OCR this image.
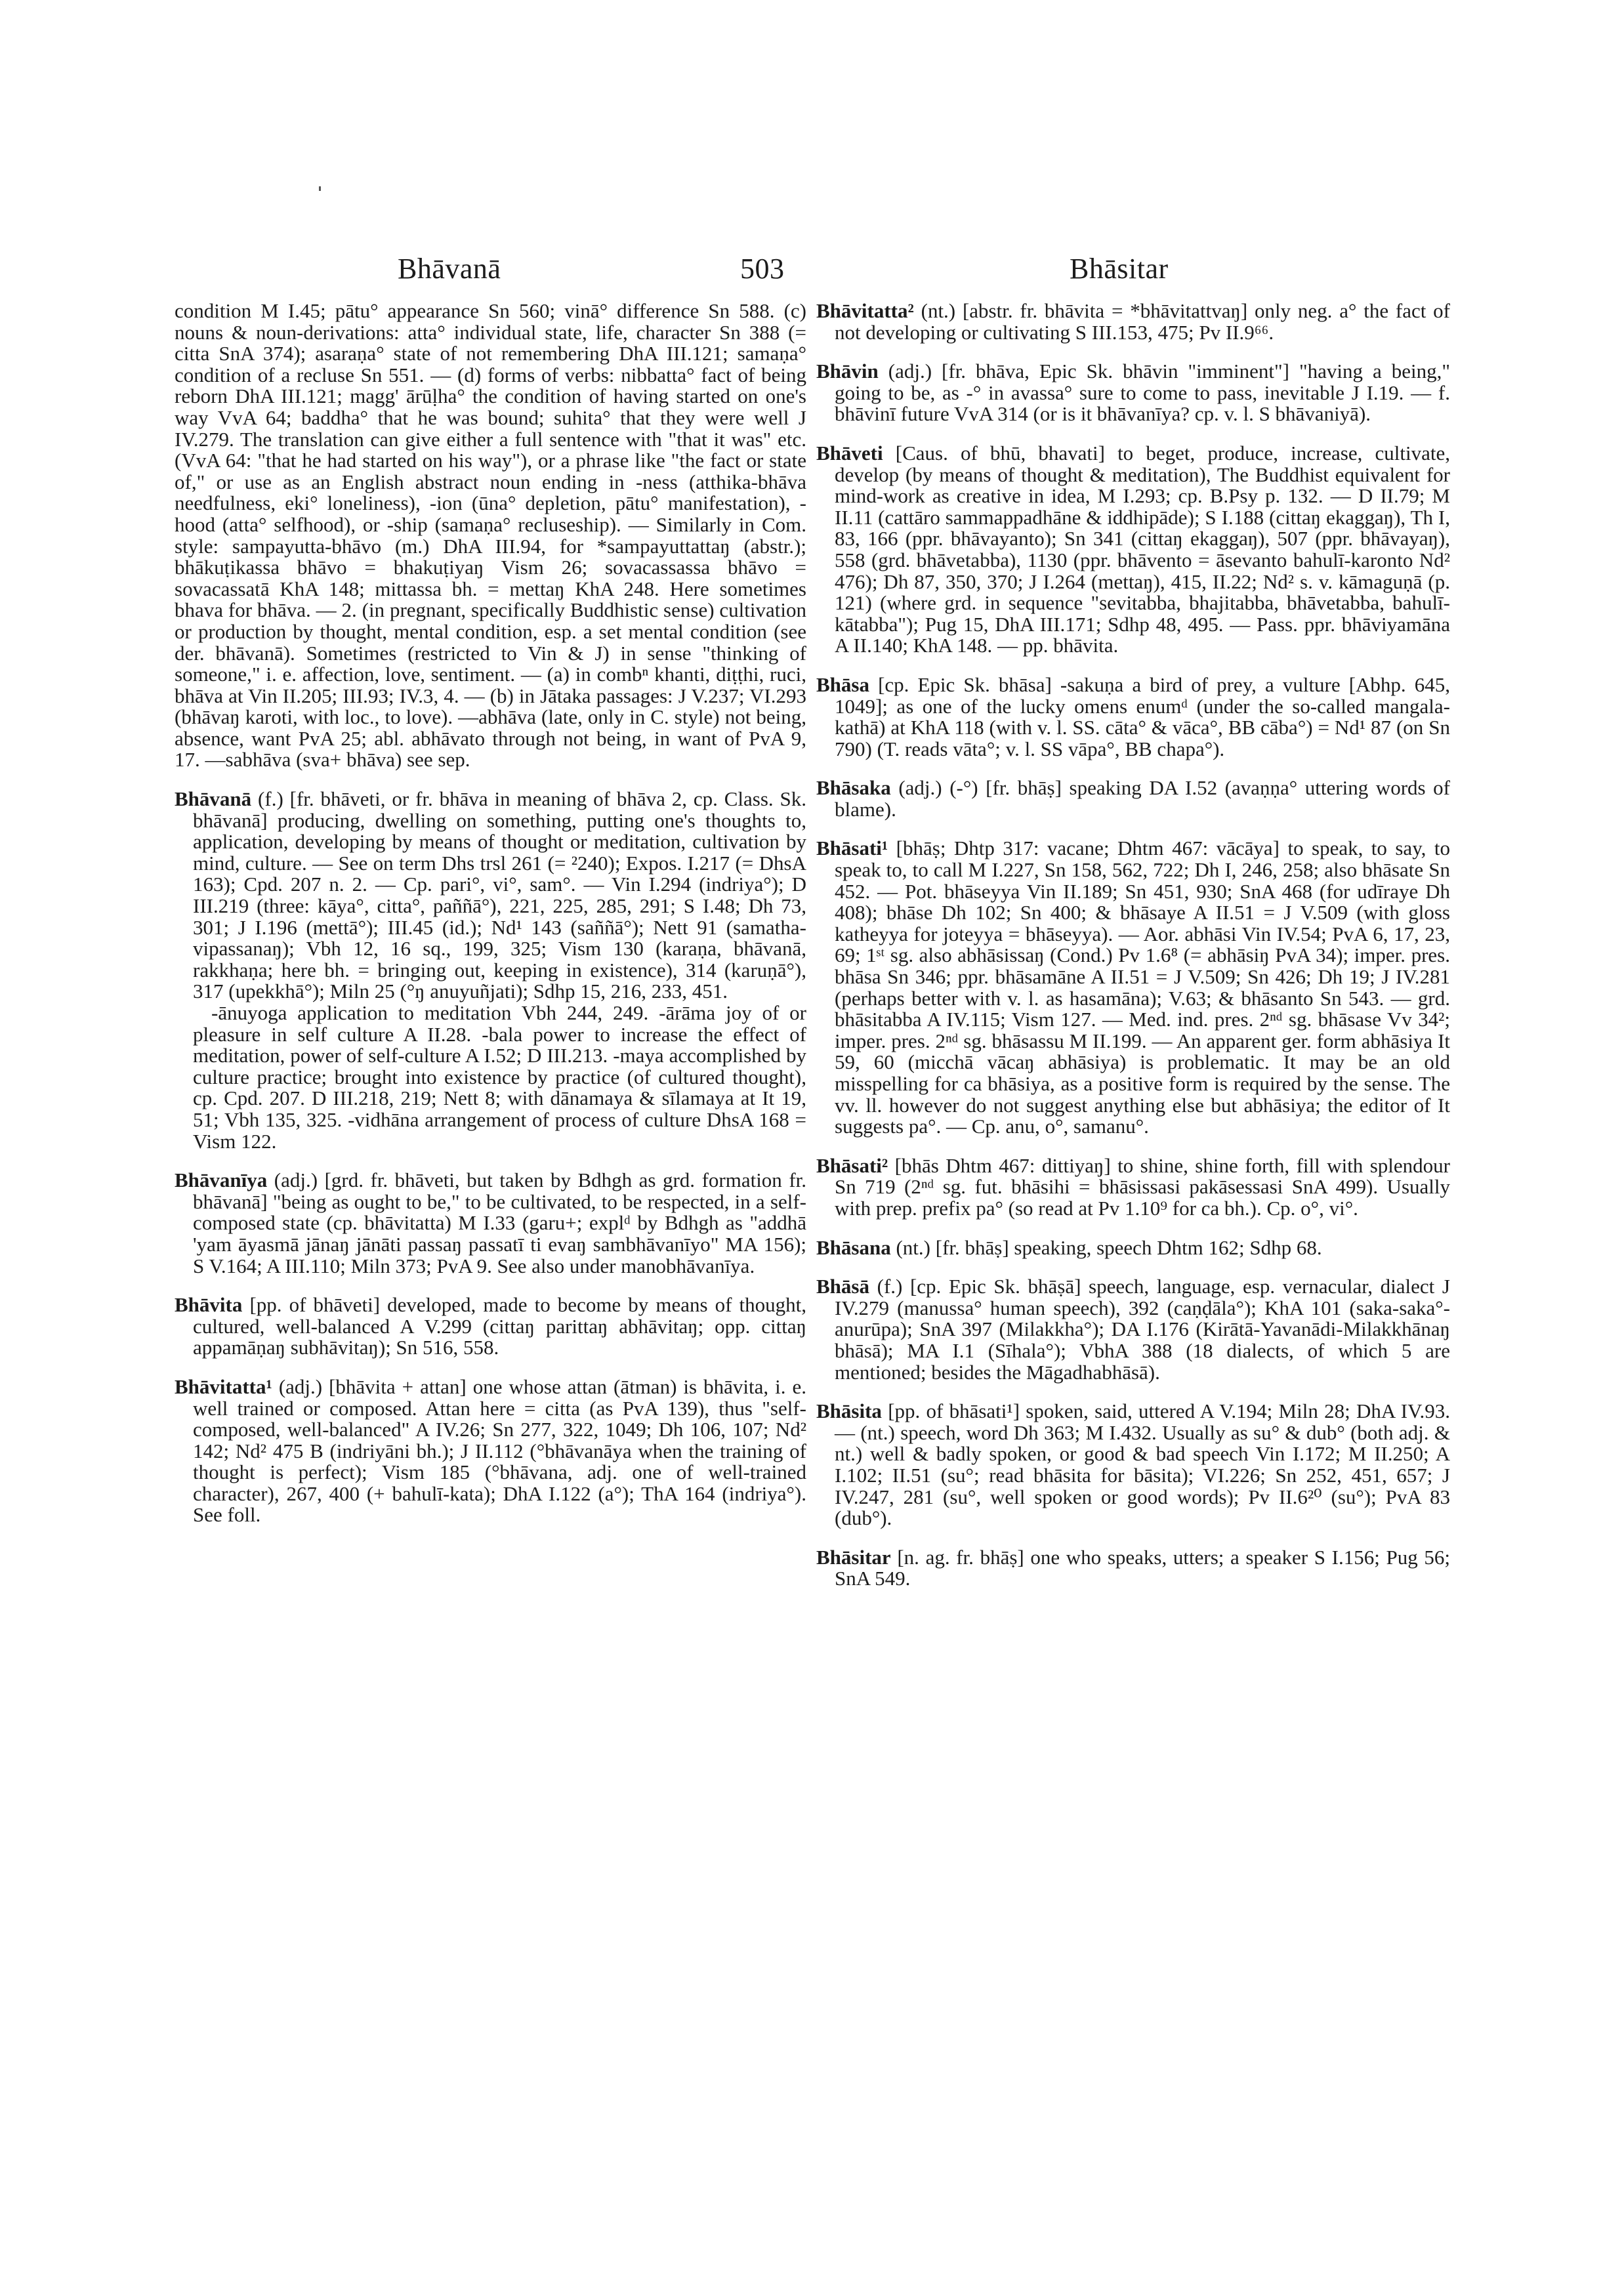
Bhāvanā	503	Bhāsitar
condition M I.45; pātu° appearance Sn 560; vinā° difference Sn 588. (c) nouns & noun-derivations: atta° individual state, life, character Sn 388 (= citta SnA 374); asaraṇa° state of not remembering DhA III.121; samaṇa° condition of a recluse Sn 551. — (d) forms of verbs: nibbatta° fact of being reborn DhA III.121; magg' ārūḷha° the condition of having started on one's way VvA 64; baddha° that he was bound; suhita° that they were well J IV.279. The translation can give either a full sentence with "that it was" etc. (VvA 64: "that he had started on his way"), or a phrase like "the fact or state of," or use as an English abstract noun ending in -ness (atthika-bhāva needfulness, eki° loneliness), -ion (ūna° depletion, pātu° manifestation), -hood (atta° selfhood), or -ship (samaṇa° recluseship). — Similarly in Com. style: sampayutta-bhāvo (m.) DhA III.94, for *sampayuttattaŋ (abstr.); bhākuṭikassa bhāvo = bhakuṭiyaŋ Vism 26; sovacassassa bhāvo = sovacassatā KhA 148; mittassa bh. = mettaŋ KhA 248. Here sometimes bhava for bhāva. — 2. (in pregnant, specifically Buddhistic sense) cultivation or production by thought, mental condition, esp. a set mental condition (see der. bhāvanā). Sometimes (restricted to Vin & J) in sense "thinking of someone," i. e. affection, love, sentiment. — (a) in combⁿ khanti, diṭṭhi, ruci, bhāva at Vin II.205; III.93; IV.3, 4. — (b) in Jātaka passages: J V.237; VI.293 (bhāvaŋ karoti, with loc., to love). —abhāva (late, only in C. style) not being, absence, want PvA 25; abl. abhāvato through not being, in want of PvA 9, 17. —sabhāva (sva+ bhāva) see sep.
Bhāvanā (f.) [fr. bhāveti, or fr. bhāva in meaning of bhāva 2, cp. Class. Sk. bhāvanā] producing, dwelling on something, putting one's thoughts to, application, developing by means of thought or meditation, cultivation by mind, culture. — See on term Dhs trsl 261 (= ²240); Expos. I.217 (= DhsA 163); Cpd. 207 n. 2. — Cp. pari°, vi°, sam°. — Vin I.294 (indriya°); D III.219 (three: kāya°, citta°, paññā°), 221, 225, 285, 291; S I.48; Dh 73, 301; J I.196 (mettā°); III.45 (id.); Nd¹ 143 (saññā°); Nett 91 (samatha-vipassanaŋ); Vbh 12, 16 sq., 199, 325; Vism 130 (karaṇa, bhāvanā, rakkhaṇa; here bh. = bringing out, keeping in existence), 314 (karuṇā°), 317 (upekkhā°); Miln 25 (°ŋ anuyuñjati); Sdhp 15, 216, 233, 451.

-ānuyoga application to meditation Vbh 244, 249. -ārāma joy of or pleasure in self culture A II.28. -bala power to increase the effect of meditation, power of self-culture A I.52; D III.213. -maya accomplished by culture practice; brought into existence by practice (of cultured thought), cp. Cpd. 207. D III.218, 219; Nett 8; with dānamaya & sīlamaya at It 19, 51; Vbh 135, 325. -vidhāna arrangement of process of culture DhsA 168 = Vism 122.

Bhāvanīya (adj.) [grd. fr. bhāveti, but taken by Bdhgh as grd. formation fr. bhāvanā] "being as ought to be," to be cultivated, to be respected, in a self-composed state (cp. bhāvitatta) M I.33 (garu+; explᵈ by Bdhgh as "addhā 'yam āyasmā jānaŋ jānāti passaŋ passatī ti evaŋ sambhāvanīyo" MA 156); S V.164; A III.110; Miln 373; PvA 9. See also under manobhāvanīya.
Bhāvita [pp. of bhāveti] developed, made to become by means of thought, cultured, well-balanced A V.299 (cittaŋ parittaŋ abhāvitaŋ; opp. cittaŋ appamāṇaŋ subhāvitaŋ); Sn 516, 558.
Bhāvitatta¹ (adj.) [bhāvita + attan] one whose attan (ātman) is bhāvita, i. e. well trained or composed. Attan here = citta (as PvA 139), thus "self-composed, well-balanced" A IV.26; Sn 277, 322, 1049; Dh 106, 107; Nd² 142; Nd² 475 B (indriyāni bh.); J II.112 (°bhāvanāya when the training of thought is perfect); Vism 185 (°bhāvana, adj. one of well-trained character), 267, 400 (+ bahulī-kata); DhA I.122 (a°); ThA 164 (indriya°). See foll.
Bhāvitatta² (nt.) [abstr. fr. bhāvita = *bhāvitattvaŋ] only neg. a° the fact of not developing or cultivating S III.153, 475; Pv II.9⁶⁶.
Bhāvin (adj.) [fr. bhāva, Epic Sk. bhāvin "imminent"] "having a being," going to be, as -° in avassa° sure to come to pass, inevitable J I.19. — f. bhāvinī future VvA 314 (or is it bhāvanīya? cp. v. l. S bhāvaniyā).
Bhāveti [Caus. of bhū, bhavati] to beget, produce, increase, cultivate, develop (by means of thought & meditation), The Buddhist equivalent for mind-work as creative in idea, M I.293; cp. B.Psy p. 132. — D II.79; M II.11 (cattāro sammappadhāne & iddhipāde); S I.188 (cittaŋ ekaggaŋ), Th I, 83, 166 (ppr. bhāvayanto); Sn 341 (cittaŋ ekaggaŋ), 507 (ppr. bhāvayaŋ), 558 (grd. bhāvetabba), 1130 (ppr. bhāvento = āsevanto bahulī-karonto Nd² 476); Dh 87, 350, 370; J I.264 (mettaŋ), 415, II.22; Nd² s. v. kāmaguṇā (p. 121) (where grd. in sequence "sevitabba, bhajitabba, bhāvetabba, bahulī-kātabba"); Pug 15, DhA III.171; Sdhp 48, 495. — Pass. ppr. bhāviyamāna A II.140; KhA 148. — pp. bhāvita.
Bhāsa [cp. Epic Sk. bhāsa] -sakuṇa a bird of prey, a vulture [Abhp. 645, 1049]; as one of the lucky omens enumᵈ (under the so-called mangala-kathā) at KhA 118 (with v. l. SS. cāta° & vāca°, BB cāba°) = Nd¹ 87 (on Sn 790) (T. reads vāta°; v. l. SS vāpa°, BB chapa°).
Bhāsaka (adj.) (-°) [fr. bhāṣ] speaking DA I.52 (avaṇṇa° uttering words of blame).
Bhāsati¹ [bhāṣ; Dhtp 317: vacane; Dhtm 467: vācāya] to speak, to say, to speak to, to call M I.227, Sn 158, 562, 722; Dh I, 246, 258; also bhāsate Sn 452. — Pot. bhāseyya Vin II.189; Sn 451, 930; SnA 468 (for udīraye Dh 408); bhāse Dh 102; Sn 400; & bhāsaye A II.51 = J V.509 (with gloss katheyya for joteyya = bhāseyya). — Aor. abhāsi Vin IV.54; PvA 6, 17, 23, 69; 1ˢᵗ sg. also abhāsissaŋ (Cond.) Pv 1.6⁸ (= abhāsiŋ PvA 34); imper. pres. bhāsa Sn 346; ppr. bhāsamāne A II.51 = J V.509; Sn 426; Dh 19; J IV.281 (perhaps better with v. l. as hasamāna); V.63; & bhāsanto Sn 543. — grd. bhāsitabba A IV.115; Vism 127. — Med. ind. pres. 2ⁿᵈ sg. bhāsase Vv 34²; imper. pres. 2ⁿᵈ sg. bhāsassu M II.199. — An apparent ger. form abhāsiya It 59, 60 (micchā vācaŋ abhāsiya) is problematic. It may be an old misspelling for ca bhāsiya, as a positive form is required by the sense. The vv. ll. however do not suggest anything else but abhāsiya; the editor of It suggests pa°. — Cp. anu, o°, samanu°.
Bhāsati² [bhās Dhtm 467: dittiyaŋ] to shine, shine forth, fill with splendour Sn 719 (2ⁿᵈ sg. fut. bhāsihi = bhāsissasi pakāsessasi SnA 499). Usually with prep. prefix pa° (so read at Pv 1.10⁹ for ca bh.). Cp. o°, vi°.
Bhāsana (nt.) [fr. bhāṣ] speaking, speech Dhtm 162; Sdhp 68.
Bhāsā (f.) [cp. Epic Sk. bhāṣā] speech, language, esp. vernacular, dialect J IV.279 (manussa° human speech), 392 (caṇḍāla°); KhA 101 (saka-saka°-anurūpa); SnA 397 (Milakkha°); DA I.176 (Kirātā-Yavanādi-Milakkhānaŋ bhāsā); MA I.1 (Sīhala°); VbhA 388 (18 dialects, of which 5 are mentioned; besides the Māgadhabhāsā).
Bhāsita [pp. of bhāsati¹] spoken, said, uttered A V.194; Miln 28; DhA IV.93. — (nt.) speech, word Dh 363; M I.432. Usually as su° & dub° (both adj. & nt.) well & badly spoken, or good & bad speech Vin I.172; M II.250; A I.102; II.51 (su°; read bhāsita for bāsita); VI.226; Sn 252, 451, 657; J IV.247, 281 (su°, well spoken or good words); Pv II.6²⁰ (su°); PvA 83 (dub°).
Bhāsitar [n. ag. fr. bhāṣ] one who speaks, utters; a speaker S I.156; Pug 56; SnA 549.
